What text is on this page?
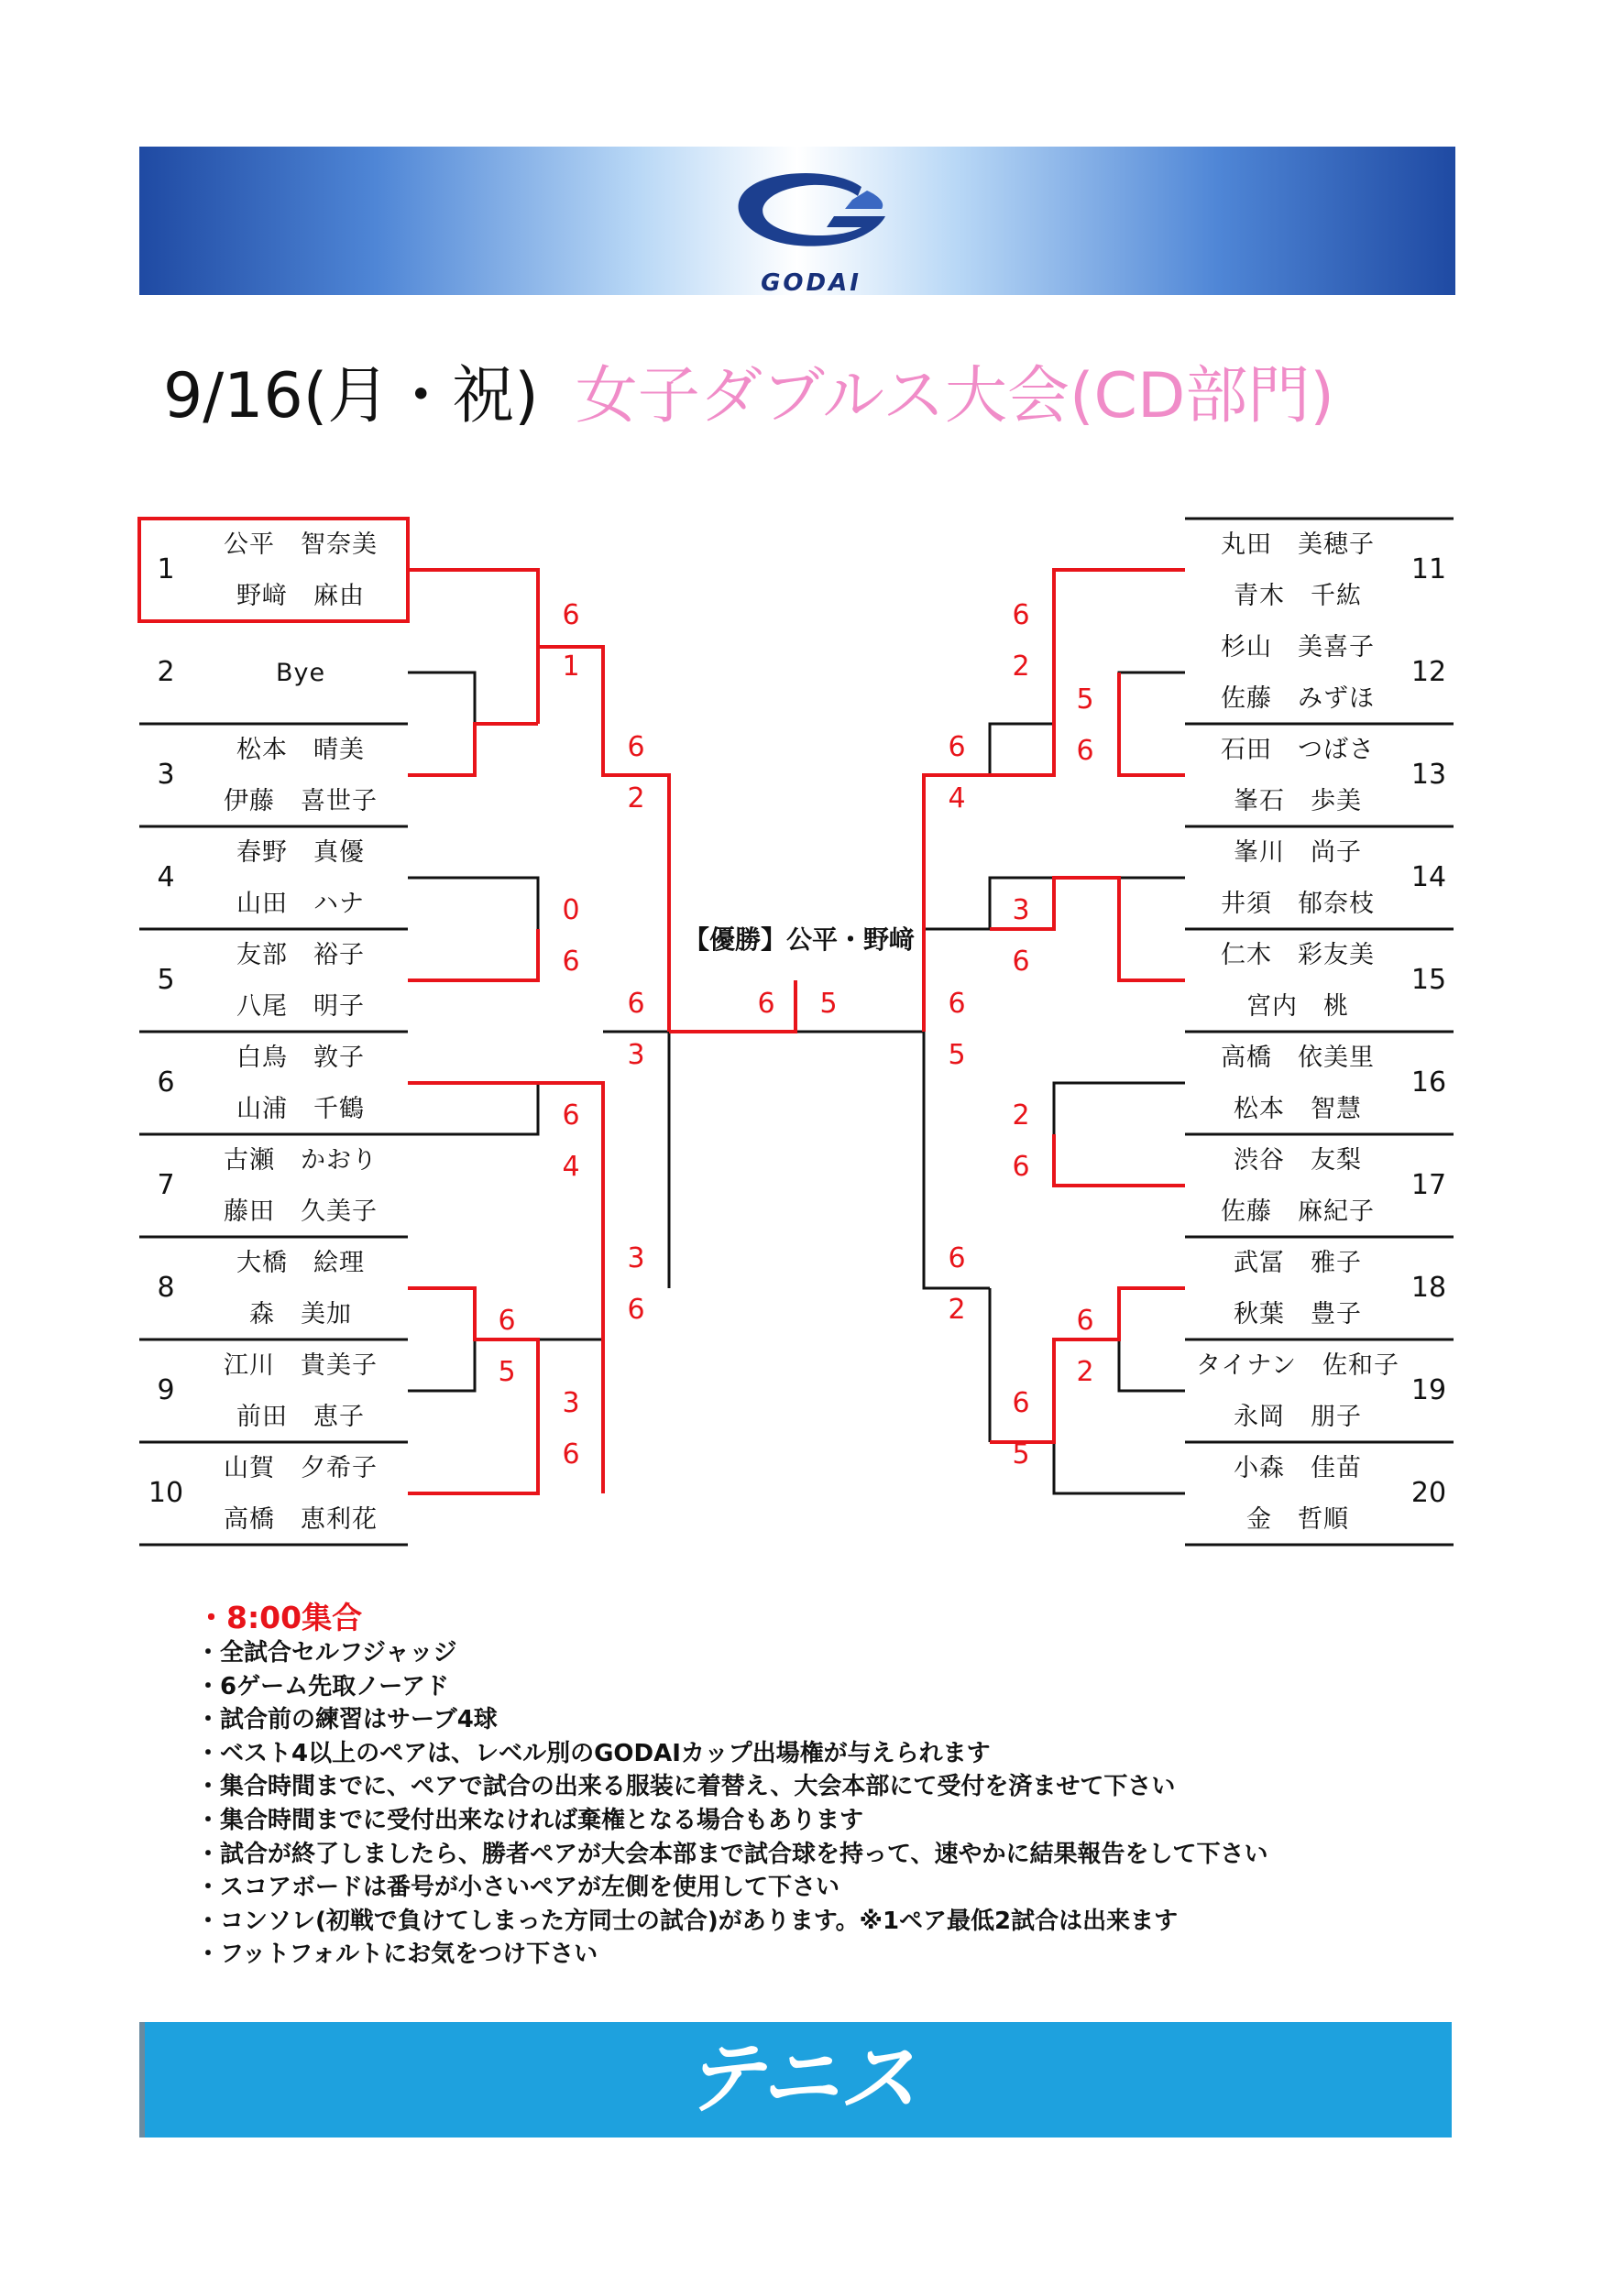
GODAI
9/16(月・祝) 女子ダブルス大会(CD部門)
1
公平　智奈美
野﨑　麻由
2	Bye
3
松本　晴美
伊藤　喜世子
4
春野　真優
山田　ハナ
5
友部　裕子
八尾　明子
6
白鳥　敦子
山浦　千鶴
7
古瀬　かおり
藤田　久美子
8
大橋　絵理
森　美加
9
江川　貴美子
前田　恵子
10
山賀　夕希子
高橋　恵利花
丸田　美穂子
青木　千紘
11
杉山　美喜子
佐藤　みずほ
12
石田　つばさ
峯石　歩美
13
峯川　尚子
井須　郁奈枝
14
仁木　彩友美
宮内　桃
15
高橋　依美里
松本　智慧
16
渋谷　友梨
佐藤　麻紀子
17
武冨　雅子
秋葉　豊子
18
タイナン　佐和子
永岡　朋子
19
小森　佳苗
金　哲順
20
6
1
0
6
6
4
6
5
3
6
6
2
3
6
6
3
6	5	6
5
6
4
6
2
6
2
5
6
3
6
2
6
6
2
6
5
【優勝】公平・野﨑
・8:00集合
・全試合セルフジャッジ
・6ゲーム先取ノーアド
・試合前の練習はサーブ4球
・ベスト4以上のペアは、レベル別のGODAIカップ出場権が与えられます
・集合時間までに、ペアで試合の出来る服装に着替え、大会本部にて受付を済ませて下さい
・集合時間までに受付出来なければ棄権となる場合もあります
・試合が終了しましたら、勝者ペアが大会本部まで試合球を持って、速やかに結果報告をして下さい
・スコアボードは番号が小さいペアが左側を使用して下さい
・コンソレ(初戦で負けてしまった方同士の試合)があります。※1ペア最低2試合は出来ます
・フットフォルトにお気をつけ下さい
テニス
